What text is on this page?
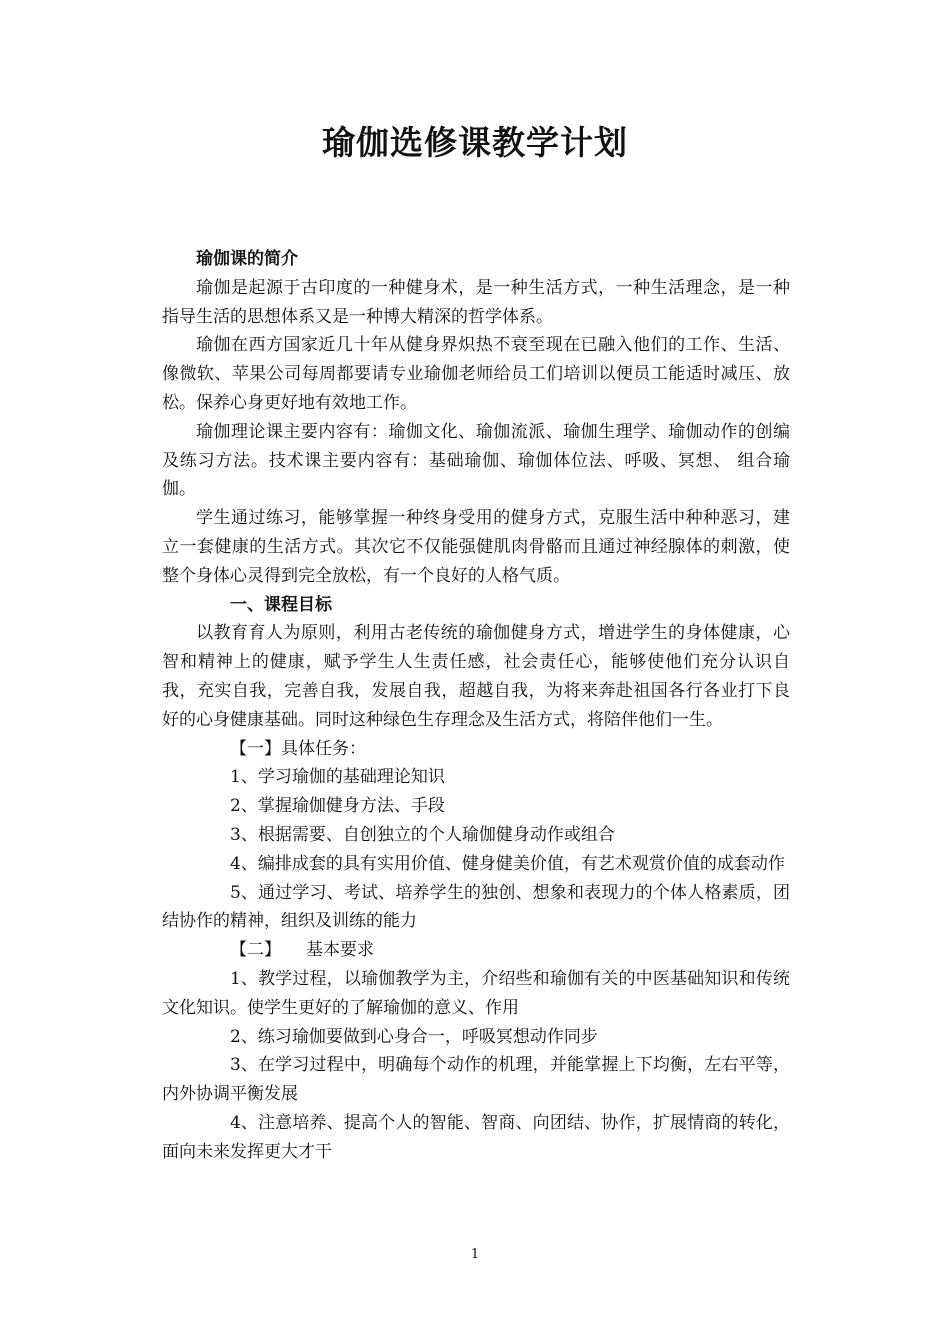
瑜伽选修课教学计划

瑜伽课的简介

瑜伽是起源于古印度的一种健身术，是一种生活方式，一种生活理念，是一种指导生活的思想体系又是一种博大精深的哲学体系。

瑜伽在西方国家近几十年从健身界炽热不衰至现在已融入他们的工作、生活、像微软、苹果公司每周都要请专业瑜伽老师给员工们培训以便员工能适时减压、放松。保养心身更好地有效地工作。

瑜伽理论课主要内容有：瑜伽文化、瑜伽流派、瑜伽生理学、瑜伽动作的创编及练习方法。技术课主要内容有：基础瑜伽、瑜伽体位法、呼吸、冥想、 组合瑜伽。

学生通过练习，能够掌握一种终身受用的健身方式，克服生活中种种恶习，建立一套健康的生活方式。其次它不仅能强健肌肉骨骼而且通过神经腺体的刺激，使整个身体心灵得到完全放松，有一个良好的人格气质。

一、课程目标

以教育育人为原则，利用古老传统的瑜伽健身方式，增进学生的身体健康，心智和精神上的健康，赋予学生人生责任感，社会责任心，能够使他们充分认识自我，充实自我，完善自我，发展自我，超越自我，为将来奔赴祖国各行各业打下良好的心身健康基础。同时这种绿色生存理念及生活方式，将陪伴他们一生。

【一】具体任务：

1、学习瑜伽的基础理论知识

2、掌握瑜伽健身方法、手段

3、根据需要、自创独立的个人瑜伽健身动作或组合

4、编排成套的具有实用价值、健身健美价值，有艺术观赏价值的成套动作

5、通过学习、考试、培养学生的独创、想象和表现力的个体人格素质，团结协作的精神，组织及训练的能力

【二】 基本要求

1、教学过程，以瑜伽教学为主，介绍些和瑜伽有关的中医基础知识和传统文化知识。使学生更好的了解瑜伽的意义、作用

2、练习瑜伽要做到心身合一，呼吸冥想动作同步

3、在学习过程中，明确每个动作的机理，并能掌握上下均衡，左右平等，内外协调平衡发展

4、注意培养、提高个人的智能、智商、向团结、协作，扩展情商的转化，面向未来发挥更大才干

1
